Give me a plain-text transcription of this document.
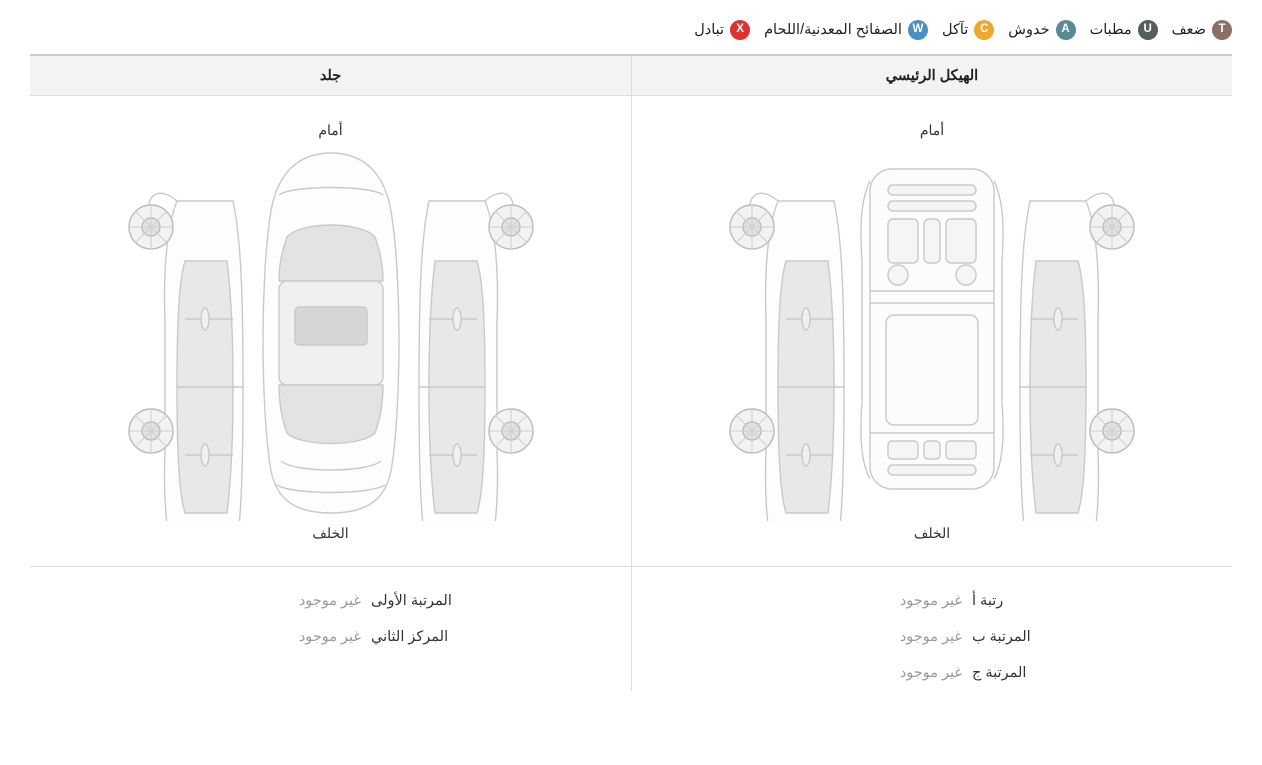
T
ضعف
U
مطبات
A
خدوش
C
تآكل
W
الصفائح المعدنية/اللحام
X
تبادل
الهيكل الرئيسي
جلد
أمام
الخلف
رتبة أ
غير موجود
المرتبة ب
غير موجود
المرتبة ج
غير موجود
أمام
الخلف
المرتبة الأولى
غير موجود
المركز الثاني
غير موجود
